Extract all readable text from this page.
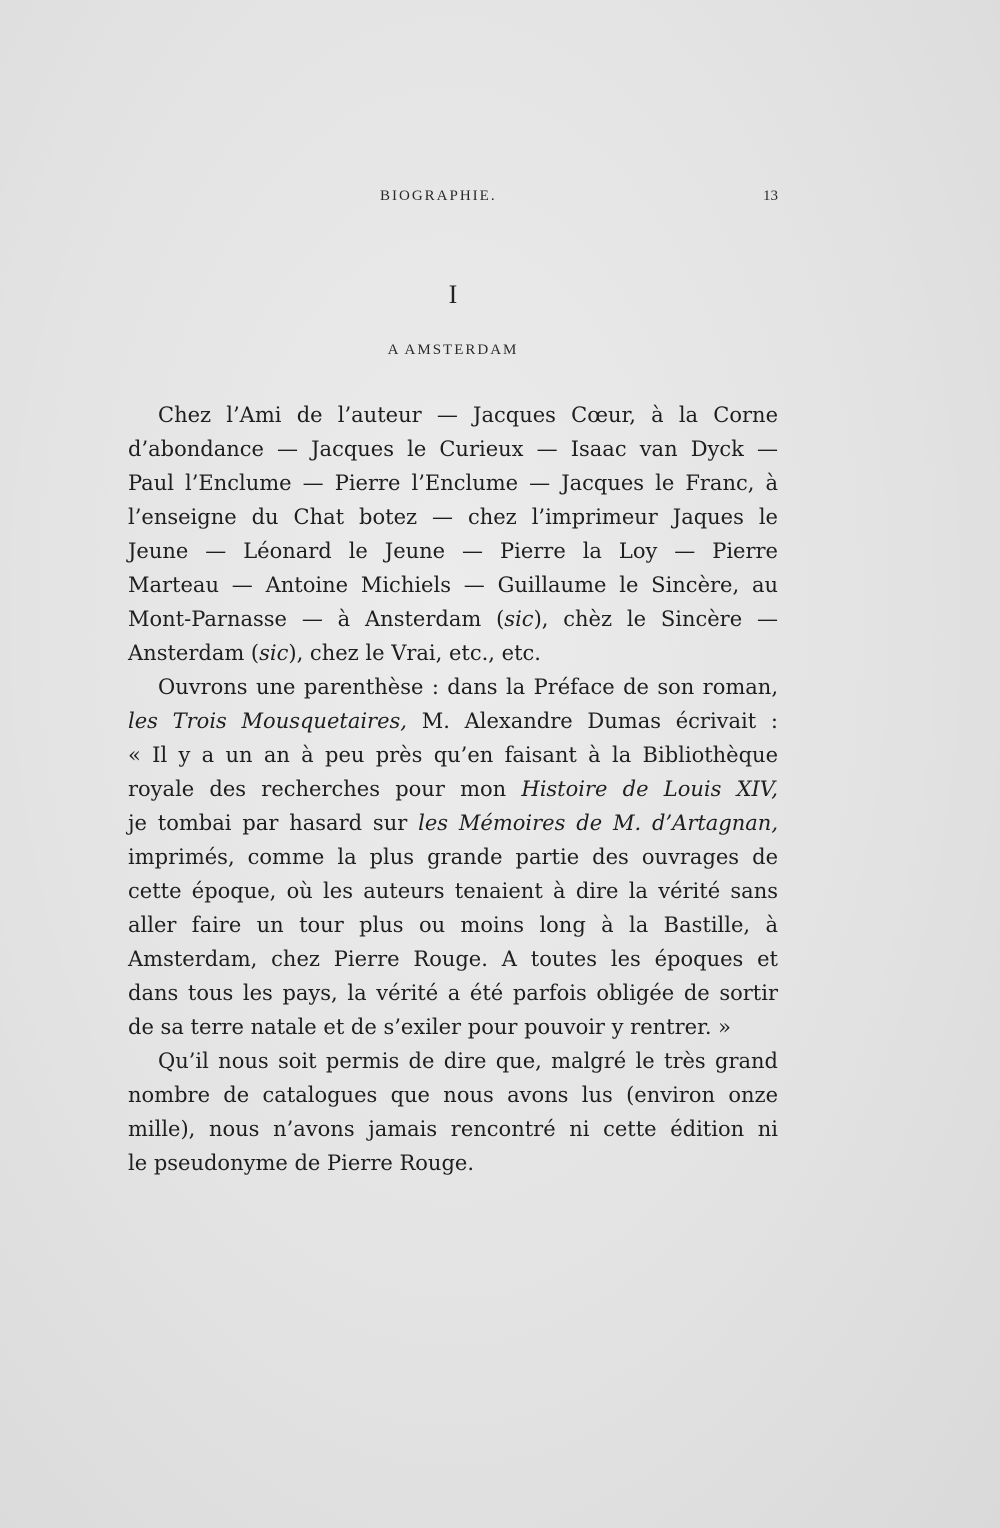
BIOGRAPHIE.	13
I
A AMSTERDAM
Chez l’Ami de l’auteur — Jacques Cœur, à la Corne
d’abondance — Jacques le Curieux — Isaac van Dyck —
Paul l’Enclume — Pierre l’Enclume — Jacques le Franc, à
l’enseigne du Chat botez — chez l’imprimeur Jaques le
Jeune — Léonard le Jeune — Pierre la Loy — Pierre
Marteau — Antoine Michiels — Guillaume le Sincère, au
Mont-Parnasse — à Ansterdam (sic), chèz le Sincère —
Ansterdam (sic), chez le Vrai, etc., etc.
Ouvrons une parenthèse : dans la Préface de son roman,
les Trois Mousquetaires, M. Alexandre Dumas écrivait :
« Il y a un an à peu près qu’en faisant à la Bibliothèque
royale des recherches pour mon Histoire de Louis XIV,
je tombai par hasard sur les Mémoires de M. d’Artagnan,
imprimés, comme la plus grande partie des ouvrages de
cette époque, où les auteurs tenaient à dire la vérité sans
aller faire un tour plus ou moins long à la Bastille, à
Amsterdam, chez Pierre Rouge. A toutes les époques et
dans tous les pays, la vérité a été parfois obligée de sortir
de sa terre natale et de s’exiler pour pouvoir y rentrer. »
Qu’il nous soit permis de dire que, malgré le très grand
nombre de catalogues que nous avons lus (environ onze
mille), nous n’avons jamais rencontré ni cette édition ni
le pseudonyme de Pierre Rouge.
